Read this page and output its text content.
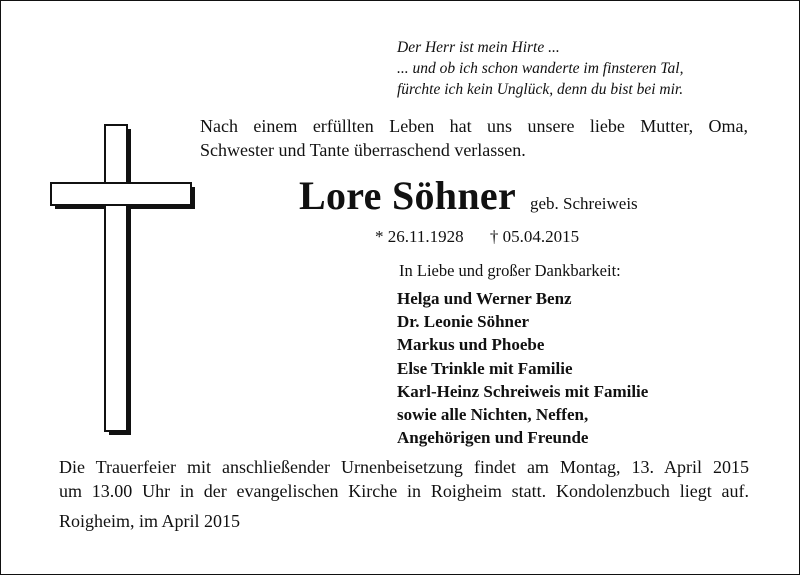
Der Herr ist mein Hirte ...
... und ob ich schon wanderte im finsteren Tal,
fürchte ich kein Unglück, denn du bist bei mir.

Nach einem erfüllten Leben hat uns unsere liebe Mutter, Oma,
Schwester und Tante überraschend verlassen.

Lore Söhner geb. Schreiweis
* 26.11.1928 † 05.04.2015
In Liebe und großer Dankbarkeit:
Helga und Werner Benz
Dr. Leonie Söhner
Markus und Phoebe
Else Trinkle mit Familie
Karl-Heinz Schreiweis mit Familie
sowie alle Nichten, Neffen,
Angehörigen und Freunde

Die Trauerfeier mit anschließender Urnenbeisetzung findet am Montag, 13. April 2015
um 13.00 Uhr in der evangelischen Kirche in Roigheim statt. Kondolenzbuch liegt auf.

Roigheim, im April 2015
